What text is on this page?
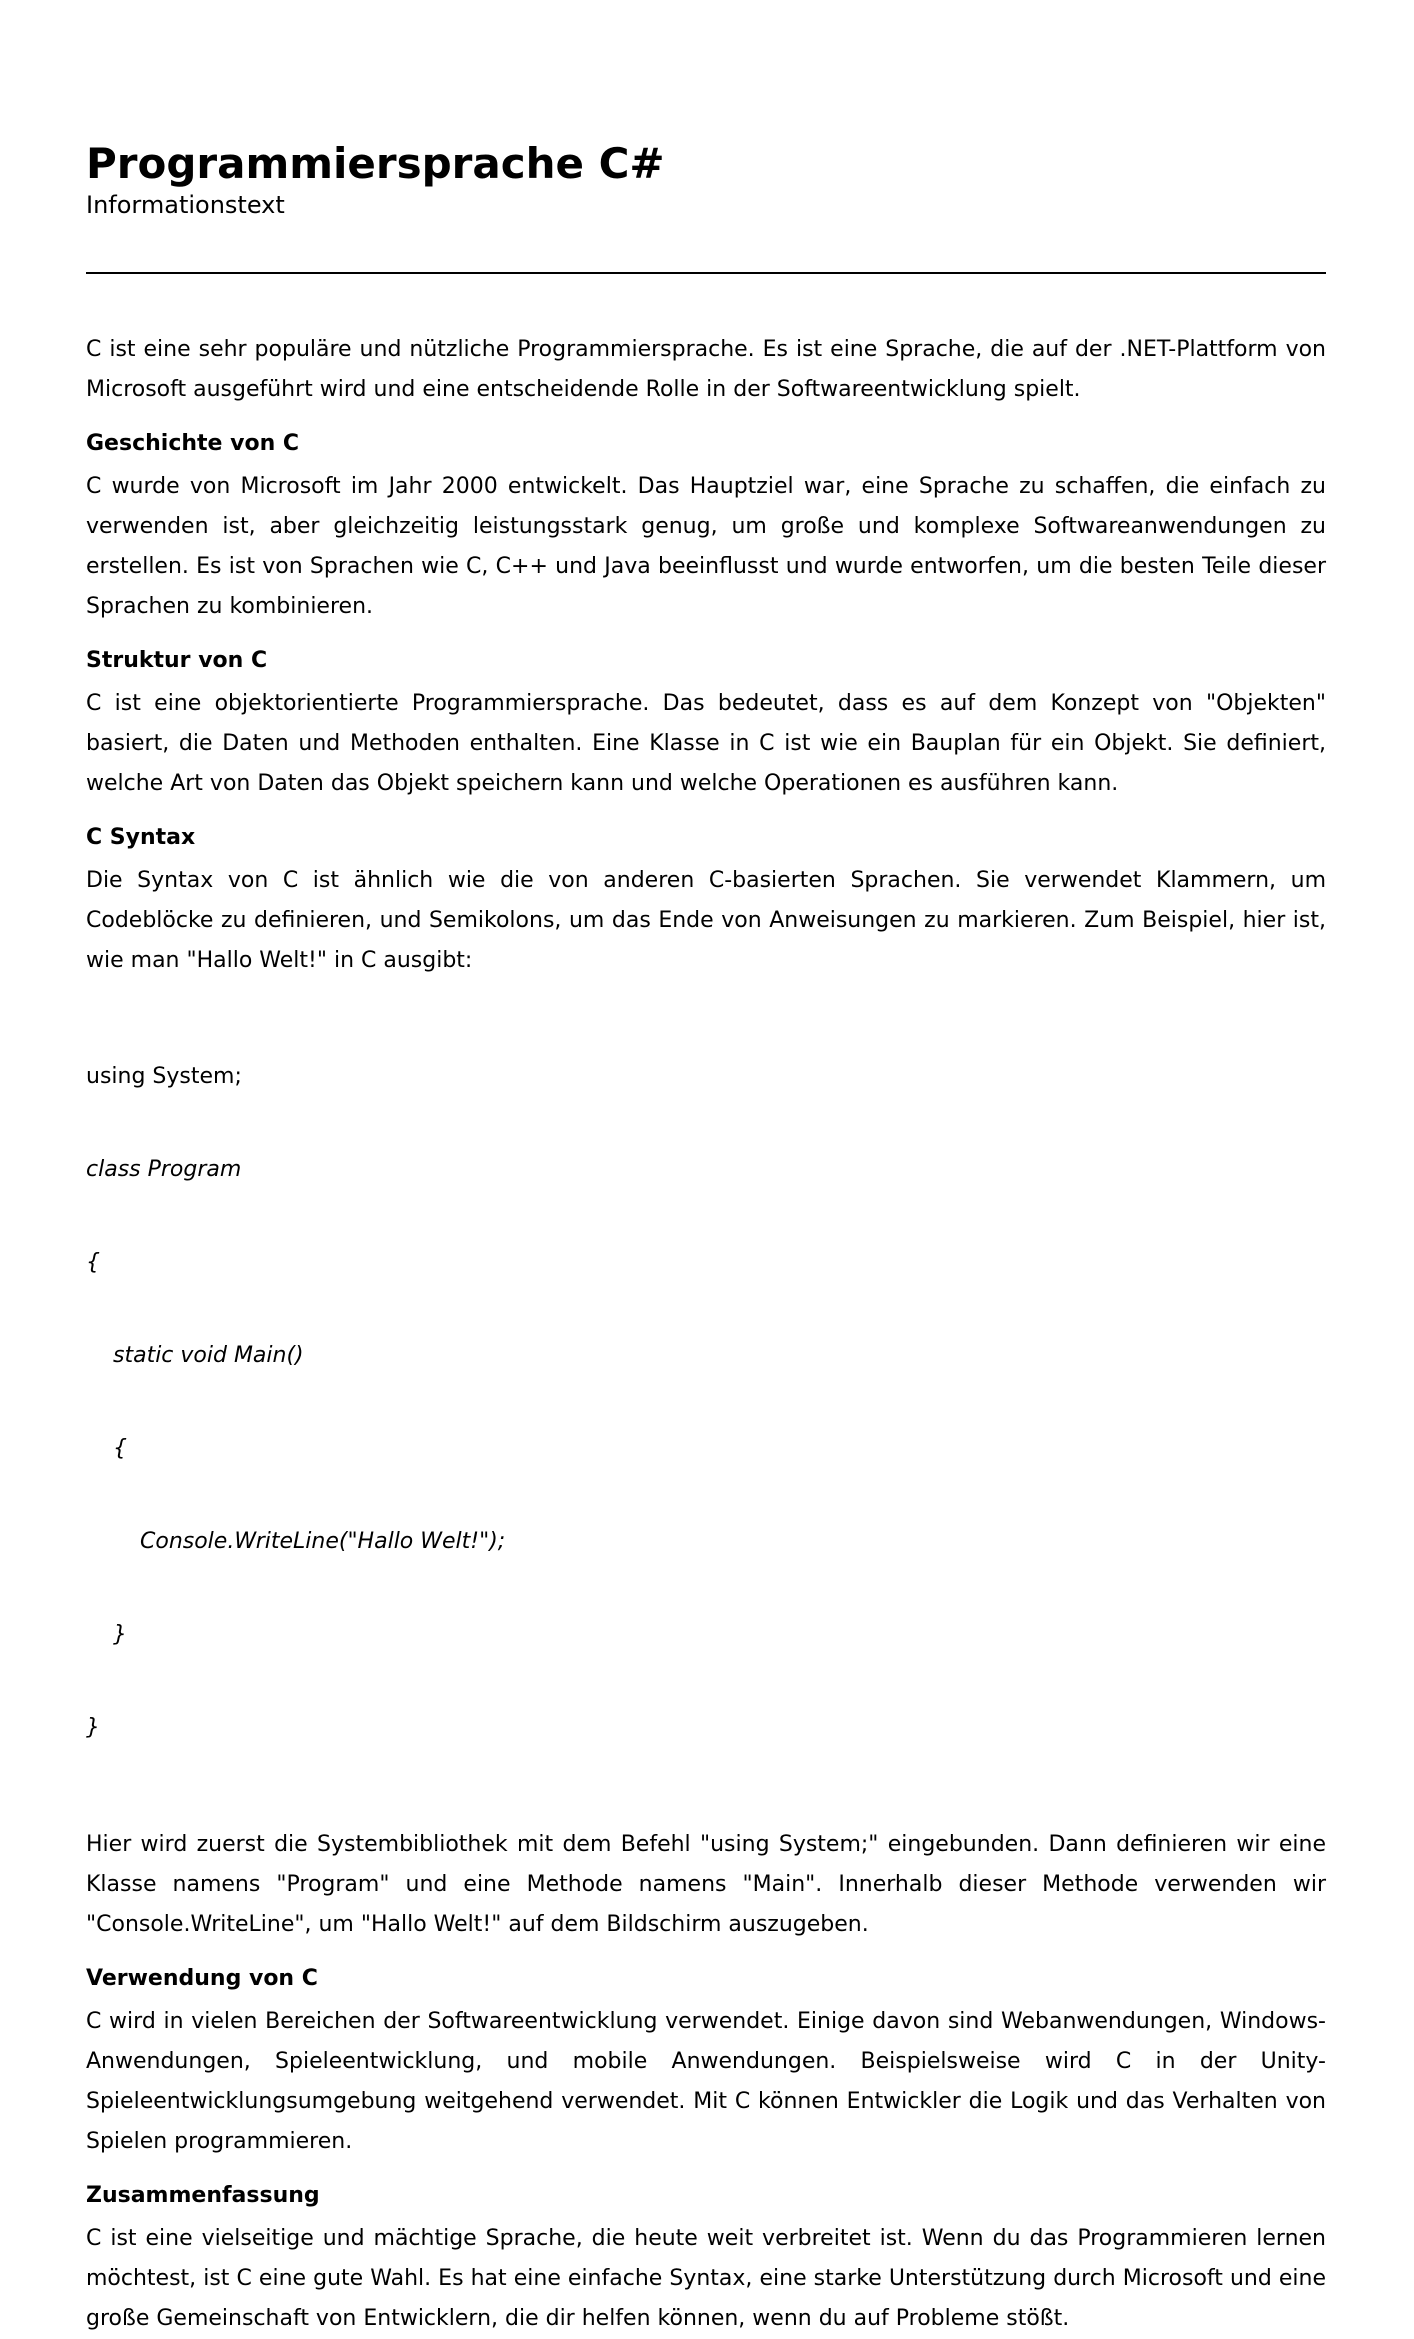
Programmiersprache C#
Informationstext

C ist eine sehr populäre und nützliche Programmiersprache. Es ist eine Sprache, die auf der .NET-Plattform von Microsoft ausgeführt wird und eine entscheidende Rolle in der Softwareentwicklung spielt.

Geschichte von C

C wurde von Microsoft im Jahr 2000 entwickelt. Das Hauptziel war, eine Sprache zu schaffen, die einfach zu verwenden ist, aber gleichzeitig leistungsstark genug, um große und komplexe Softwareanwendungen zu erstellen. Es ist von Sprachen wie C, C++ und Java beeinflusst und wurde entworfen, um die besten Teile dieser Sprachen zu kombinieren.

Struktur von C

C ist eine objektorientierte Programmiersprache. Das bedeutet, dass es auf dem Konzept von "Objekten" basiert, die Daten und Methoden enthalten. Eine Klasse in C ist wie ein Bauplan für ein Objekt. Sie definiert, welche Art von Daten das Objekt speichern kann und welche Operationen es ausführen kann.

C Syntax

Die Syntax von C ist ähnlich wie die von anderen C-basierten Sprachen. Sie verwendet Klammern, um Codeblöcke zu definieren, und Semikolons, um das Ende von Anweisungen zu markieren. Zum Beispiel, hier ist, wie man "Hallo Welt!" in C ausgibt:

using System;

class Program

{

static void Main()

{

Console.WriteLine("Hallo Welt!");

}

}

Hier wird zuerst die Systembibliothek mit dem Befehl "using System;" eingebunden. Dann definieren wir eine Klasse namens "Program" und eine Methode namens "Main". Innerhalb dieser Methode verwenden wir "Console.WriteLine", um "Hallo Welt!" auf dem Bildschirm auszugeben.

Verwendung von C

C wird in vielen Bereichen der Softwareentwicklung verwendet. Einige davon sind Webanwendungen, Windows-Anwendungen, Spieleentwicklung, und mobile Anwendungen. Beispielsweise wird C in der Unity-Spieleentwicklungsumgebung weitgehend verwendet. Mit C können Entwickler die Logik und das Verhalten von Spielen programmieren.

Zusammenfassung

C ist eine vielseitige und mächtige Sprache, die heute weit verbreitet ist. Wenn du das Programmieren lernen möchtest, ist C eine gute Wahl. Es hat eine einfache Syntax, eine starke Unterstützung durch Microsoft und eine große Gemeinschaft von Entwicklern, die dir helfen können, wenn du auf Probleme stößt.
